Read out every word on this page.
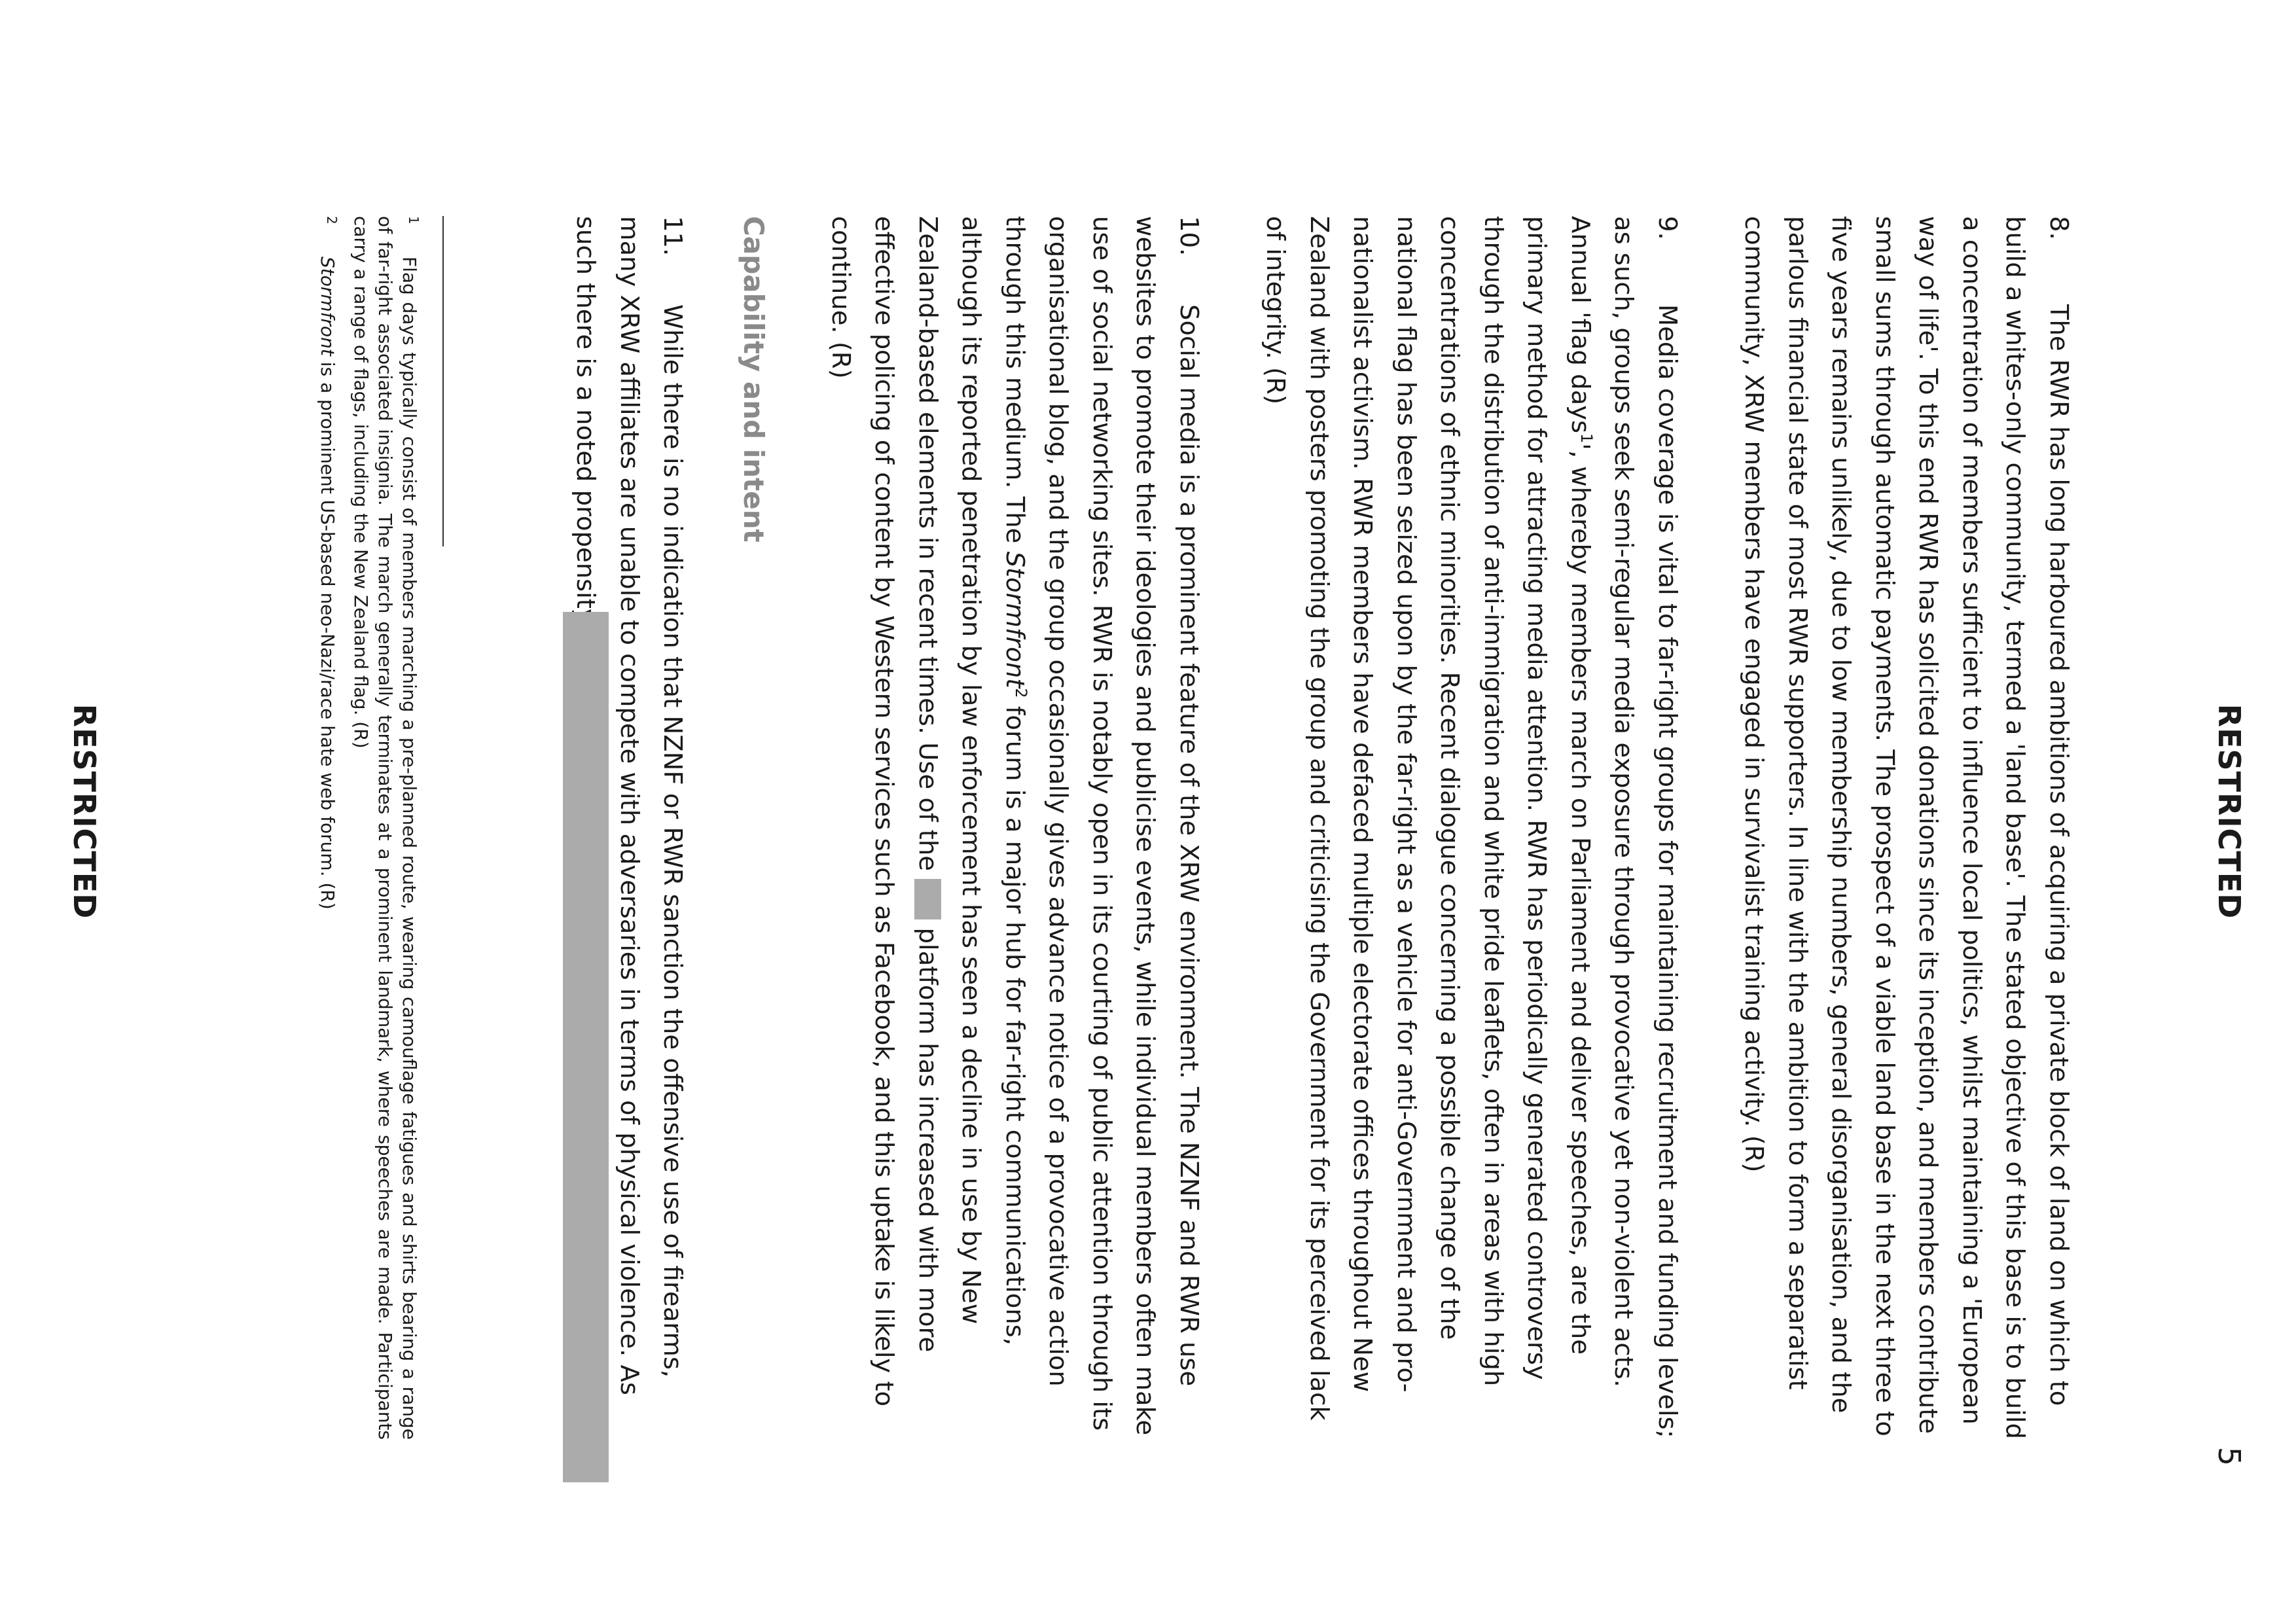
RESTRICTED
5

8.The RWR has long harboured ambitions of acquiring a private block of land on which to build a whites-only community, termed a 'land base'. The stated objective of this base is to build a concentration of members sufficient to influence local politics, whilst maintaining a 'European way of life'. To this end RWR has solicited donations since its inception, and members contribute small sums through automatic payments. The prospect of a viable land base in the next three to five years remains unlikely, due to low membership numbers, general disorganisation, and the parlous financial state of most RWR supporters. In line with the ambition to form a separatist community, XRW members have engaged in survivalist training activity. (R)

9.Media coverage is vital to far-right groups for maintaining recruitment and funding levels; as such, groups seek semi-regular media exposure through provocative yet non-violent acts. Annual 'flag days$^1$', whereby members march on Parliament and deliver speeches, are the primary method for attracting media attention. RWR has periodically generated controversy through the distribution of anti-immigration and white pride leaflets, often in areas with high concentrations of ethnic minorities. Recent dialogue concerning a possible change of the national flag has been seized upon by the far-right as a vehicle for anti-Government and pro-nationalist activism. RWR members have defaced multiple electorate offices throughout New Zealand with posters promoting the group and criticising the Government for its perceived lack of integrity. (R)

10.Social media is a prominent feature of the XRW environment. The NZNF and RWR use websites to promote their ideologies and publicise events, while individual members often make use of social networking sites. RWR is notably open in its courting of public attention through its organisational blog, and the group occasionally gives advance notice of a provocative action through this medium. The Stormfront$^2$ forum is a major hub for far-right communications, although its reported penetration by law enforcement has seen a decline in use by New Zealand-based elements in recent times. Use of the  platform has increased with more effective policing of content by Western services such as Facebook, and this uptake is likely to continue. (R)

Capability and intent

11.While there is no indication that NZNF or RWR sanction the offensive use of firearms, many XRW affiliates are unable to compete with adversaries in terms of physical violence. As such there is a noted propensity

1
Flag days typically consist of members marching a pre-planned route, wearing camouflage fatigues and shirts bearing a range of far-right associated insignia. The march generally terminates at a prominent landmark, where speeches are made. Participants carry a range of flags, including the New Zealand flag. (R)
2
Stormfront is a prominent US-based neo-Nazi/race hate web forum. (R)
RESTRICTED
